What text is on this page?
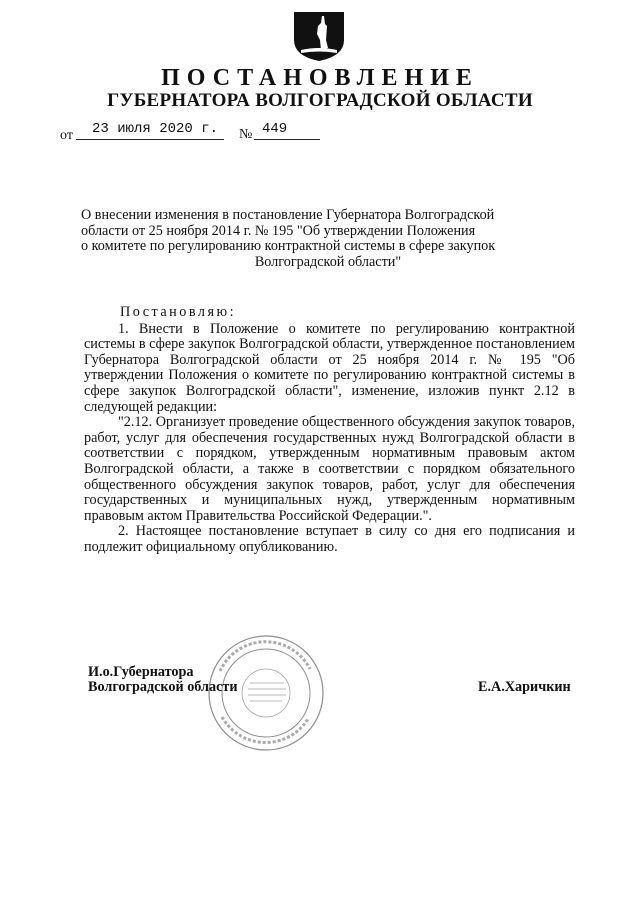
ПОСТАНОВЛЕНИЕ
ГУБЕРНАТОРА ВОЛГОГРАДСКОЙ ОБЛАСТИ
от 23 июля 2020 г. № 449
О внесении изменения в постановление Губернатора Волгоградской
области от 25 ноября 2014 г. № 195 "Об утверждении Положения
о комитете по регулированию контрактной системы в сфере закупок
Волгоградской области"

Постановляю:

1. Внести в Положение о комитете по регулированию контрактной системы в сфере закупок Волгоградской области, утвержденное постановлением Губернатора Волгоградской области от 25 ноября 2014 г. № 195 "Об утверждении Положения о комитете по регулированию контрактной системы в сфере закупок Волгоградской области", изменение, изложив пункт 2.12 в следующей редакции:

"2.12. Организует проведение общественного обсуждения закупок товаров, работ, услуг для обеспечения государственных нужд Волгоградской области в соответствии с порядком, утвержденным нормативным правовым актом Волгоградской области, а также в соответствии с порядком обязательного общественного обсуждения закупок товаров, работ, услуг для обеспечения государственных и муниципальных нужд, утвержденным нормативным правовым актом Правительства Российской Федерации.".

2. Настоящее постановление вступает в силу со дня его подписания и подлежит официальному опубликованию.

И.о.Губернатора
Волгоградской области	Е.А.Харичкин
